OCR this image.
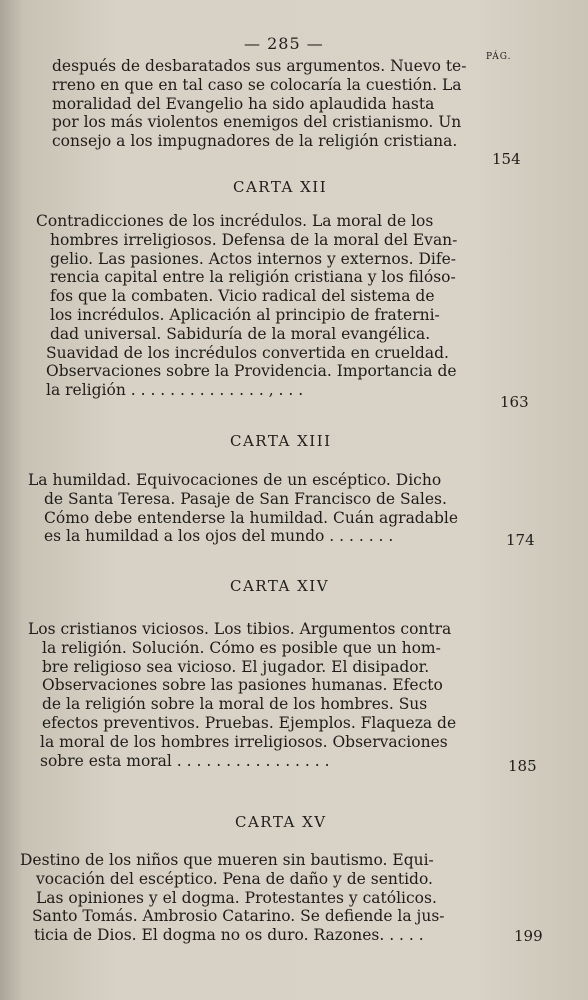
— 285 —
PÁG.
después de desbaratados sus argumentos. Nuevo te-
rreno en que en tal caso se colocaría la cuestión. La
moralidad del Evangelio ha sido aplaudida hasta
por los más violentos enemigos del cristianismo. Un
consejo a los impugnadores de la religión cristiana.
154
CARTA XII
Contradicciones de los incrédulos. La moral de los
hombres irreligiosos. Defensa de la moral del Evan-
gelio. Las pasiones. Actos internos y externos. Dife-
rencia capital entre la religión cristiana y los filóso-
fos que la combaten. Vicio radical del sistema de
los incrédulos. Aplicación al principio de fraterni-
dad universal. Sabiduría de la moral evangélica.
Suavidad de los incrédulos convertida en crueldad.
Observaciones sobre la Providencia. Importancia de
la religión . . . . . . . . . . . . . . , . . .
163
CARTA XIII
La humildad. Equivocaciones de un escéptico. Dicho
de Santa Teresa. Pasaje de San Francisco de Sales.
Cómo debe entenderse la humildad. Cuán agradable
es la humildad a los ojos del mundo . . . . . . .	174
CARTA XIV
Los cristianos viciosos. Los tibios. Argumentos contra
la religión. Solución. Cómo es posible que un hom-
bre religioso sea vicioso. El jugador. El disipador.
Observaciones sobre las pasiones humanas. Efecto
de la religión sobre la moral de los hombres. Sus
efectos preventivos. Pruebas. Ejemplos. Flaqueza de
la moral de los hombres irreligiosos. Observaciones
sobre esta moral . . . . . . . . . . . . . . . .	185
CARTA XV
Destino de los niños que mueren sin bautismo. Equi-
vocación del escéptico. Pena de daño y de sentido.
Las opiniones y el dogma. Protestantes y católicos.
Santo Tomás. Ambrosio Catarino. Se defiende la jus-
ticia de Dios. El dogma no os duro. Razones. . . . .	199
